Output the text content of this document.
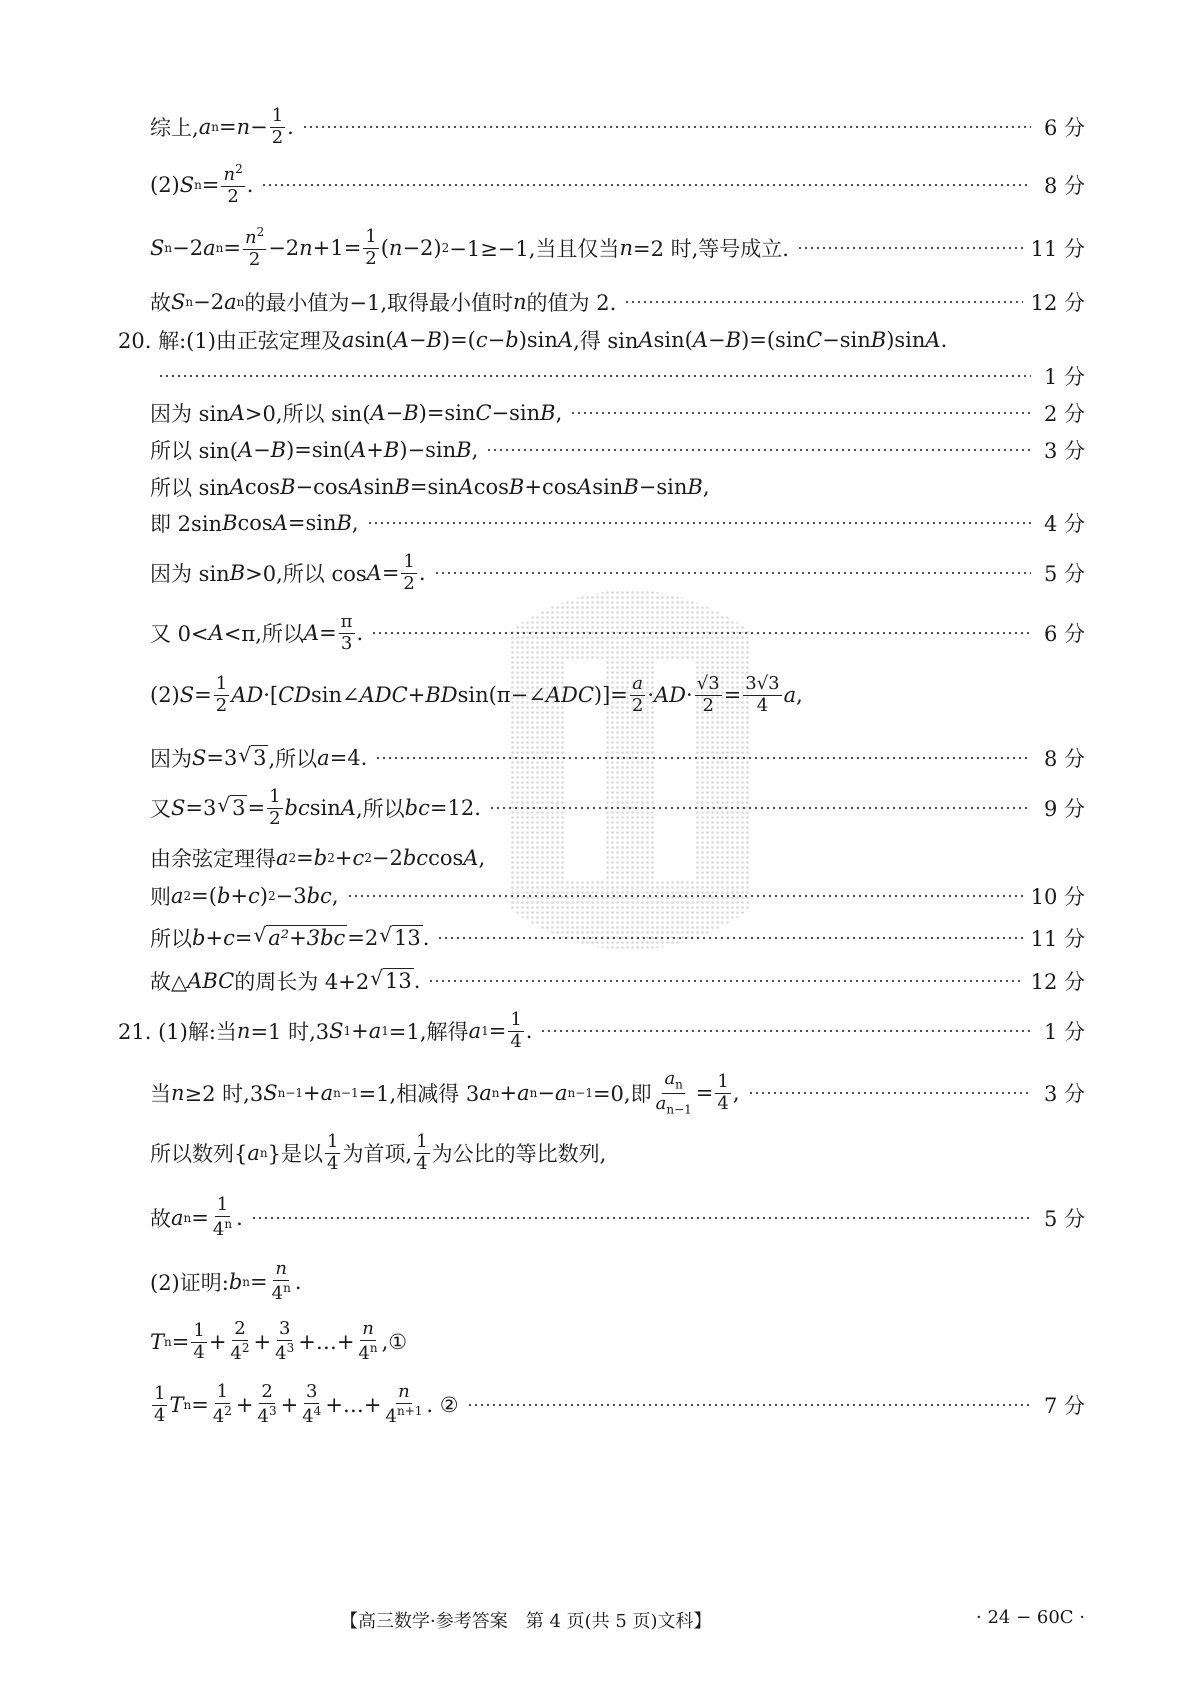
综上, a $n = n - \frac{1}{2}$ .	6 分
(2) S $n = \frac{n^2}{2}$ .	8 分
S n −2 a $n = \frac{n^2}{2} -2$ $n +1= \frac{1}{2}$ ( n −2) 2 −1≥−1,当且仅当 n =2 时,等号成立.	11 分
故 S n −2 a n 的最小值为−1,取得最小值时 n 的值为 2.	12 分
20. 解:(1)由正弦定理及 a sin( A − B )=( c − b )sin A ,得 sin A sin( A − B )=(sin C −sin B )sin A .
1 分
因为 sin A >0,所以 sin( A − B )=sin C −sin B ,	2 分
所以 sin( A − B )=sin( A + B )−sin B ,	3 分
所以 sin A cos B −cos A sin B =sin A cos B +cos A sin B −sin B ,
即 2sin B cos A =sin B ,	4 分
因为 sin B >0,所以 $\cos A = \frac{1}{2}$ .	5 分
又 0< A <π,所以 $A = \frac{\pi}{3}$ .	6 分
(2) $S = \frac{1}{2}$ AD ·[ CD sin∠ ADC + BD sin(π−∠ ADC )]= $\frac{a}{2}$ · AD · $\frac{√3}{2} = \frac{3√3}{4}$ a ,
因为 S =3 √ 3 ,所以 a =4.	8 分
又 S =3 √ $3 = \frac{1}{2}$ bc sin A ,所以 bc =12.	9 分
由余弦定理得 a 2 = b 2 + c 2 −2 bc cos A ,
则 a 2 =( b + c ) 2 −3 bc ,	10 分
所以 b + c = √ a²+3bc =2 √ 13 .	11 分
故△ ABC 的周长为 4+2 √ 13 .	12 分
21. (1)解:当 n =1 时,3 S 1 + a 1 =1,解得 a $1 = \frac{1}{4}$ .	1 分
当 n ≥2 时,3 S n−1 + a n−1 =1,相减得 3 a n + a n − a n−1 =0,即 $\frac{a_n}{a_{n-1}} = \frac{1}{4}$ ,	3 分
所以数列{ a n }是以 $\frac{1}{4}$ 为首项, $\frac{1}{4}$ 为公比的等比数列,
故 a $n = \frac{1}{4^n}$ .	5 分
(2)证明: b $n = \frac{n}{4^n}$ .
T $n = \frac{1}{4} + \frac{2}{4^2} + \frac{3}{4^3}$ +…+ $\frac{n}{4^n}$ ,①
$\frac{1}{4}$ T $n = \frac{1}{4^2} + \frac{2}{4^3} + \frac{3}{4^4}$ +…+ $\frac{n}{4^{n+1}}$ . ②	7 分
【高三数学·参考答案　第 4 页(共 5 页)文科】	· 24 − 60C ·
